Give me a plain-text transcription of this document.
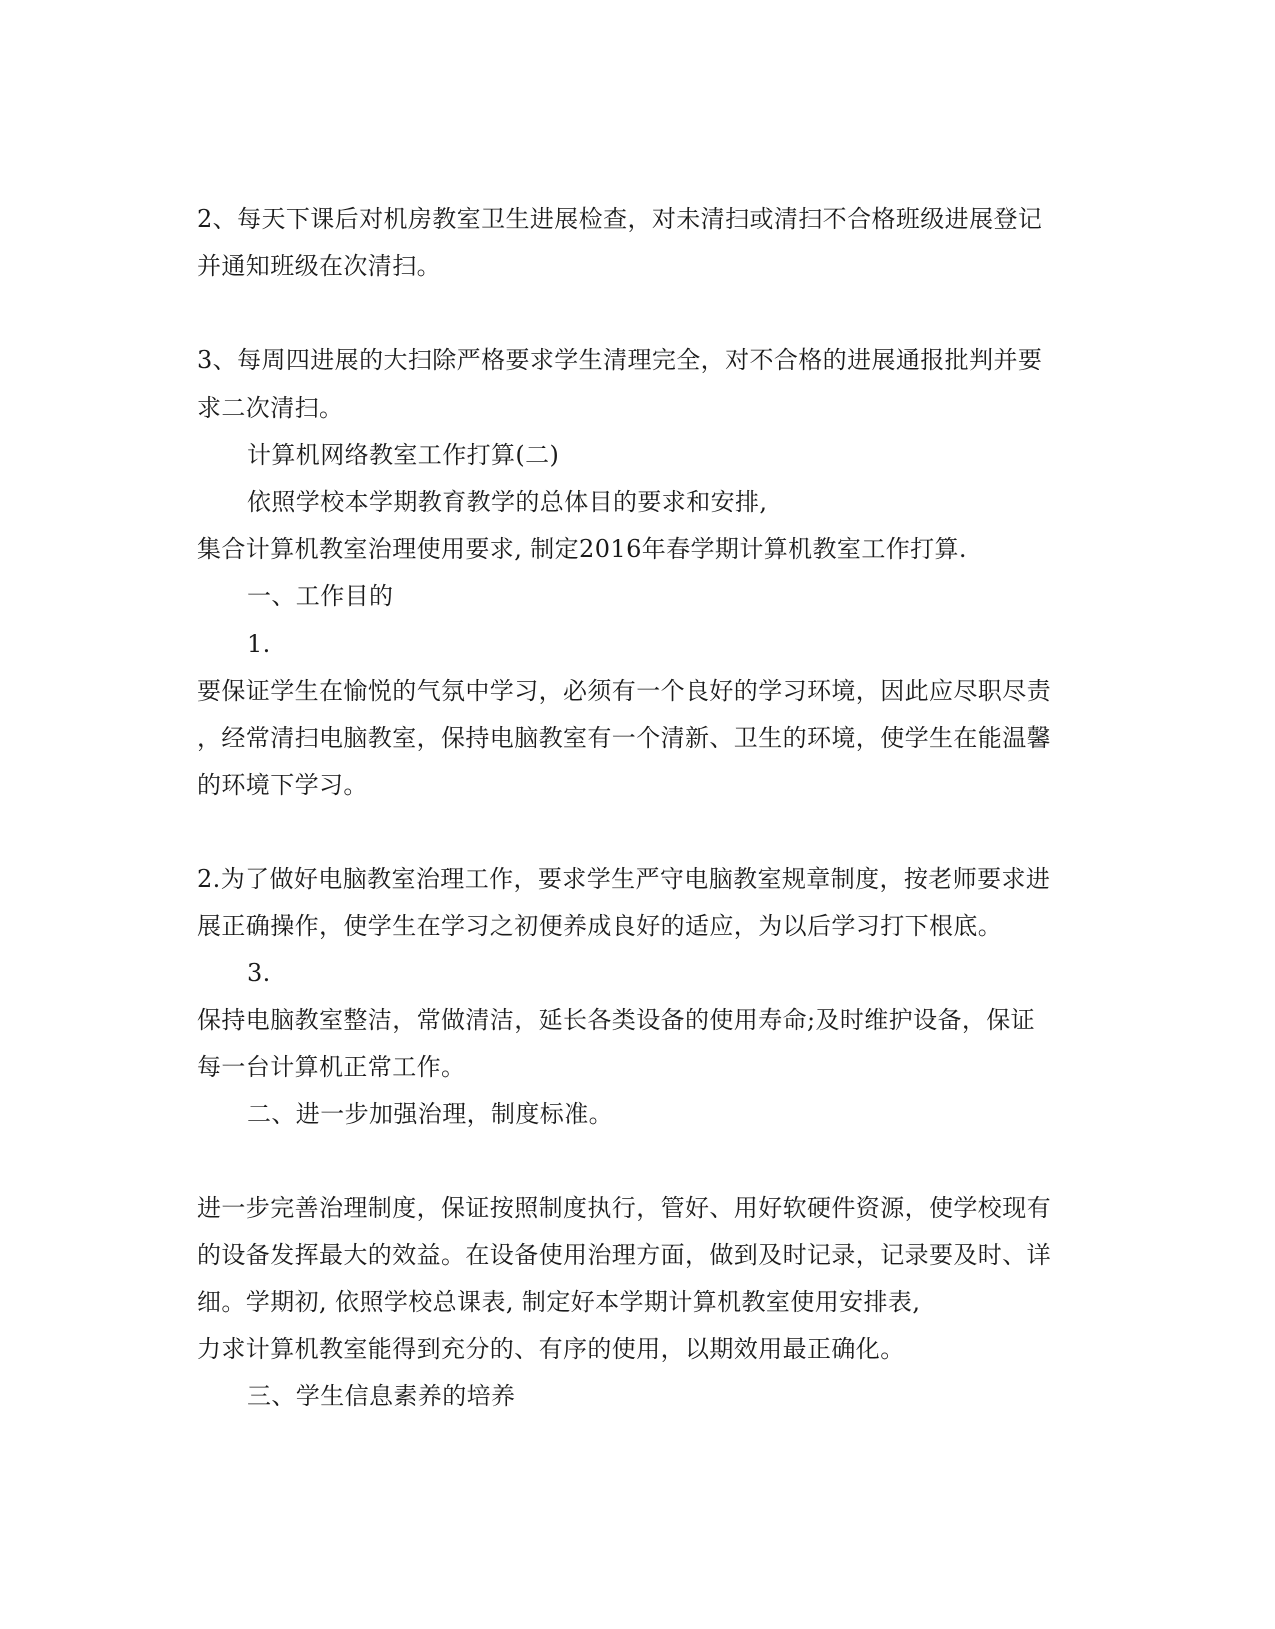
2、每天下课后对机房教室卫生进展检查，对未清扫或清扫不合格班级进展登记
并通知班级在次清扫。
3、每周四进展的大扫除严格要求学生清理完全，对不合格的进展通报批判并要
求二次清扫。
计算机网络教室工作打算(二)
依照学校本学期教育教学的总体目的要求和安排,
集合计算机教室治理使用要求, 制定2016年春学期计算机教室工作打算.
一、工作目的
1.
要保证学生在愉悦的气氛中学习，必须有一个良好的学习环境，因此应尽职尽责
，经常清扫电脑教室，保持电脑教室有一个清新、卫生的环境，使学生在能温馨
的环境下学习。
2.为了做好电脑教室治理工作，要求学生严守电脑教室规章制度，按老师要求进
展正确操作，使学生在学习之初便养成良好的适应，为以后学习打下根底。
3.
保持电脑教室整洁，常做清洁，延长各类设备的使用寿命;及时维护设备，保证
每一台计算机正常工作。
二、进一步加强治理，制度标准。
进一步完善治理制度，保证按照制度执行，管好、用好软硬件资源，使学校现有
的设备发挥最大的效益。在设备使用治理方面，做到及时记录，记录要及时、详
细。学期初, 依照学校总课表, 制定好本学期计算机教室使用安排表,
力求计算机教室能得到充分的、有序的使用，以期效用最正确化。
三、学生信息素养的培养
